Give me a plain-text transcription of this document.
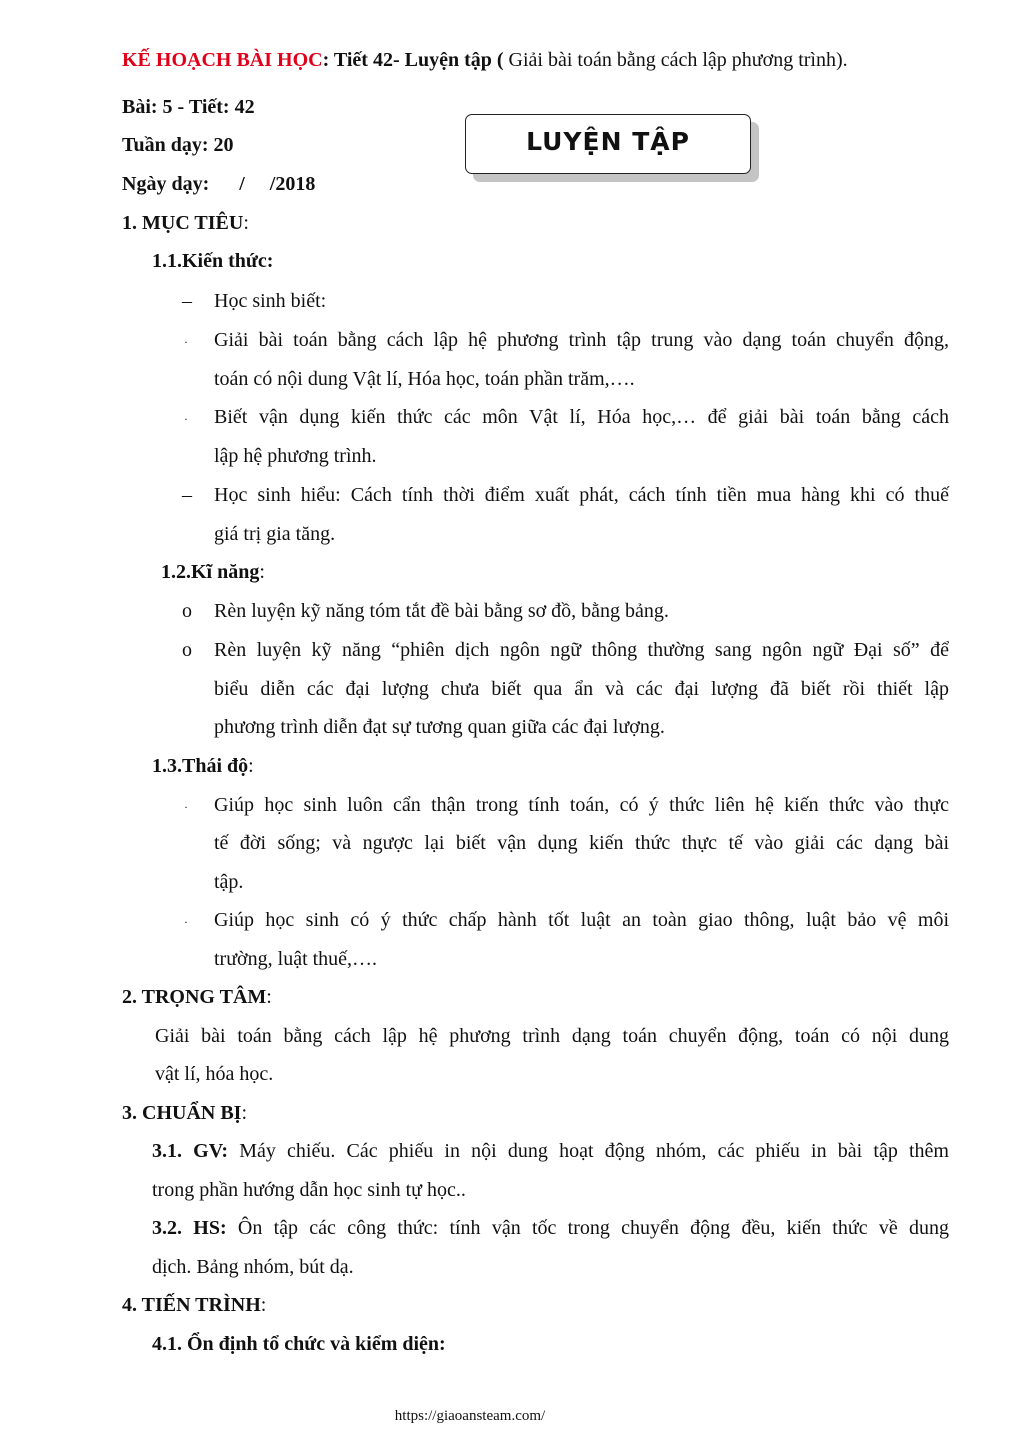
KẾ HOẠCH BÀI HỌC: Tiết 42- Luyện tập ( Giải bài toán bằng cách lập phương trình).
Bài: 5 - Tiết: 42
Tuần dạy: 20
Ngày dạy:      /     /2018
LUYỆN TẬP
1. MỤC TIÊU:
1.1.Kiến thức:
– Học sinh biết:
· Giải bài toán bằng cách lập hệ phương trình tập trung vào dạng toán chuyển động,
toán có nội dung Vật lí, Hóa học, toán phần trăm,….
· Biết vận dụng kiến thức các môn Vật lí, Hóa học,… để giải bài toán bằng cách
lập hệ phương trình.
– Học sinh hiểu: Cách tính thời điểm xuất phát, cách tính tiền mua hàng khi có thuế
giá trị gia tăng.
1.2.Kĩ năng:
o Rèn luyện kỹ năng tóm tắt đề bài bằng sơ đồ, bằng bảng.
o Rèn luyện kỹ năng “phiên dịch ngôn ngữ thông thường sang ngôn ngữ Đại số” để
biểu diễn các đại lượng chưa biết qua ẩn và các đại lượng đã biết rồi thiết lập
phương trình diễn đạt sự tương quan giữa các đại lượng.
1.3.Thái độ:
· Giúp học sinh luôn cẩn thận trong tính toán, có ý thức liên hệ kiến thức vào thực
tế đời sống; và ngược lại biết vận dụng kiến thức thực tế vào giải các dạng bài
tập.
· Giúp học sinh có ý thức chấp hành tốt luật an toàn giao thông, luật bảo vệ môi
trường, luật thuế,….
2. TRỌNG TÂM:
Giải bài toán bằng cách lập hệ phương trình dạng toán chuyển động, toán có nội dung
vật lí, hóa học.
3. CHUẨN BỊ:
3.1. GV: Máy chiếu. Các phiếu in nội dung hoạt động nhóm, các phiếu in bài tập thêm
trong phần hướng dẫn học sinh tự học..
3.2. HS: Ôn tập các công thức: tính vận tốc trong chuyển động đều, kiến thức về dung
dịch. Bảng nhóm, bút dạ.
4. TIẾN TRÌNH:
4.1. Ổn định tổ chức và kiểm diện:
https://giaoansteam.com/
